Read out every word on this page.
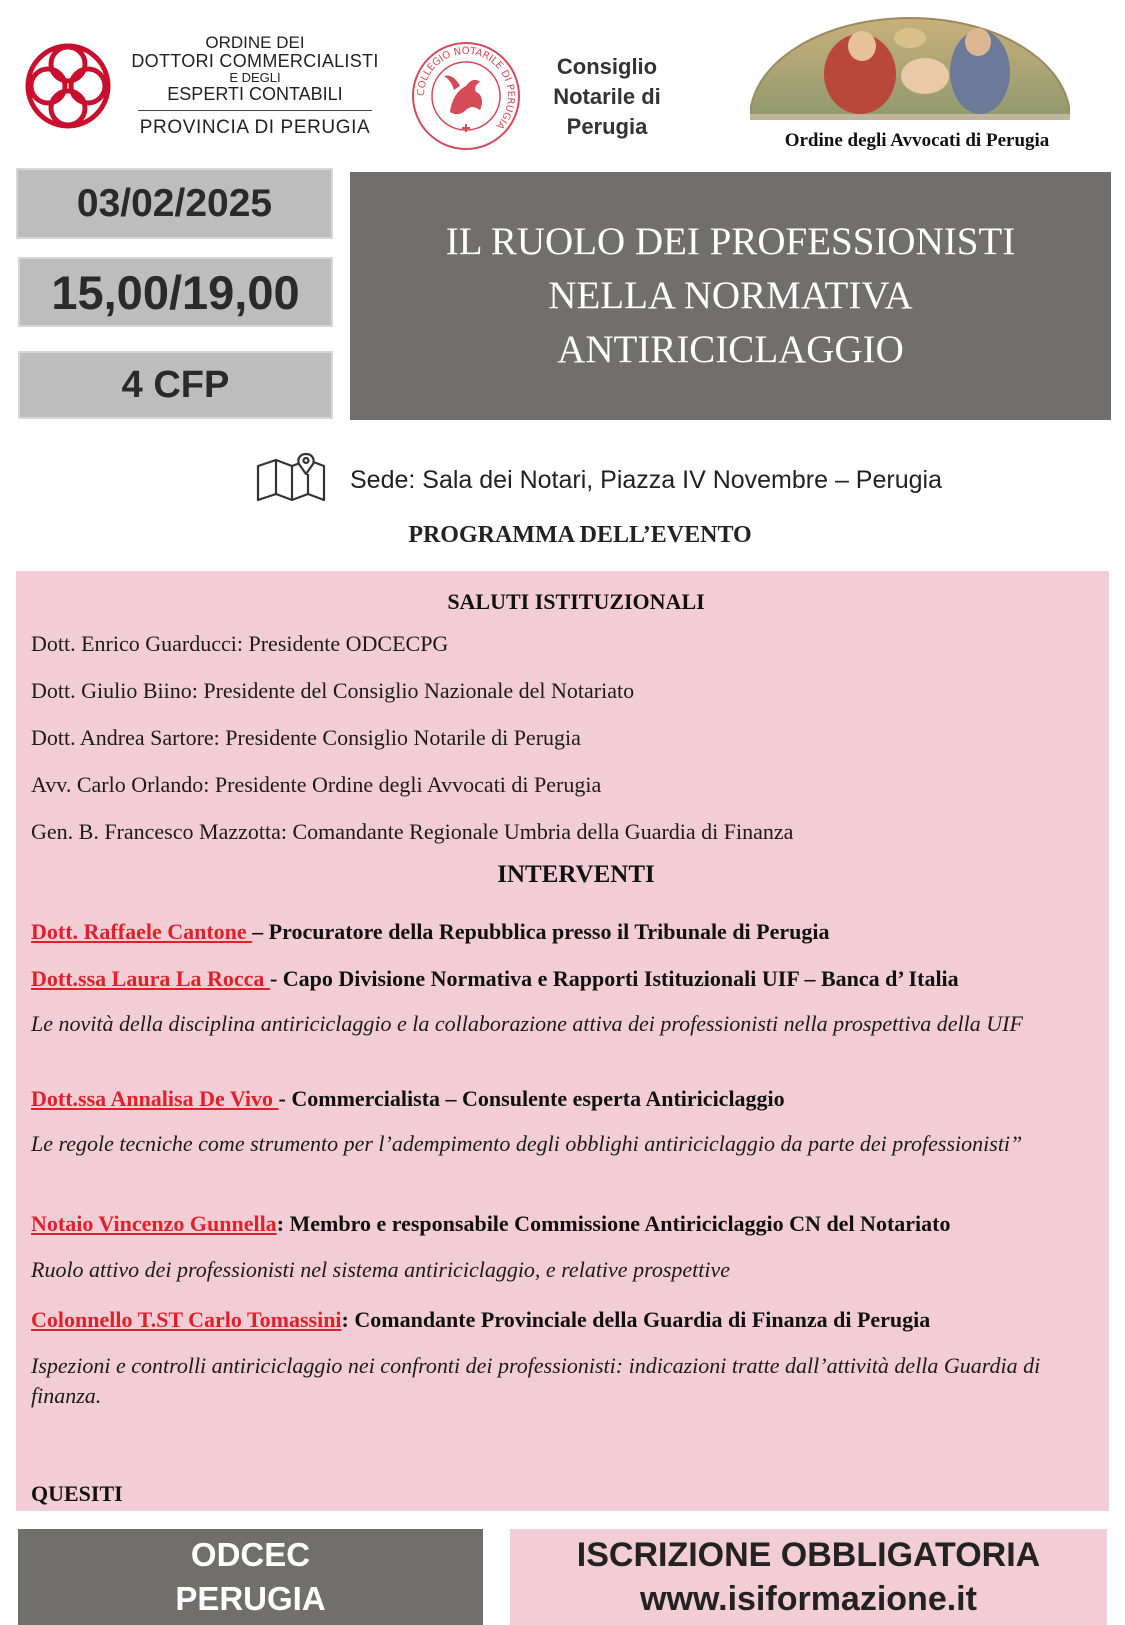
ORDINE DEI
DOTTORI COMMERCIALISTI
E DEGLI
ESPERTI CONTABILI
PROVINCIA DI PERUGIA
COLLEGIO NOTARILE DI PERUGIA
Consiglio
Notarile di
Perugia
Ordine degli Avvocati di Perugia
03/02/2025
15,00/19,00
4 CFP
IL RUOLO DEI PROFESSIONISTI
NELLA NORMATIVA
ANTIRICICLAGGIO
Sede: Sala dei Notari, Piazza IV Novembre – Perugia
PROGRAMMA DELL’EVENTO
SALUTI ISTITUZIONALI
Dott. Enrico Guarducci: Presidente ODCECPG
Dott. Giulio Biino: Presidente del Consiglio Nazionale del Notariato
Dott. Andrea Sartore: Presidente Consiglio Notarile di Perugia
Avv. Carlo Orlando: Presidente Ordine degli Avvocati di Perugia
Gen. B. Francesco Mazzotta: Comandante Regionale Umbria della Guardia di Finanza
INTERVENTI
Dott. Raffaele Cantone – Procuratore della Repubblica presso il Tribunale di Perugia
Dott.ssa Laura La Rocca - Capo Divisione Normativa e Rapporti Istituzionali UIF – Banca d’ Italia
Le novità della disciplina antiriciclaggio e la collaborazione attiva dei professionisti nella prospettiva della UIF
Dott.ssa Annalisa De Vivo - Commercialista – Consulente esperta Antiriciclaggio
Le regole tecniche come strumento per l’adempimento degli obblighi antiriciclaggio da parte dei professionisti”
Notaio Vincenzo Gunnella: Membro e responsabile Commissione Antiriciclaggio CN del Notariato
Ruolo attivo dei professionisti nel sistema antiriciclaggio, e relative prospettive
Colonnello T.ST Carlo Tomassini: Comandante Provinciale della Guardia di Finanza di Perugia
Ispezioni e controlli antiriciclaggio nei confronti dei professionisti: indicazioni tratte dall’attività della Guardia di finanza.
QUESITI
ODCEC
PERUGIA
ISCRIZIONE OBBLIGATORIA
www.isiformazione.it
